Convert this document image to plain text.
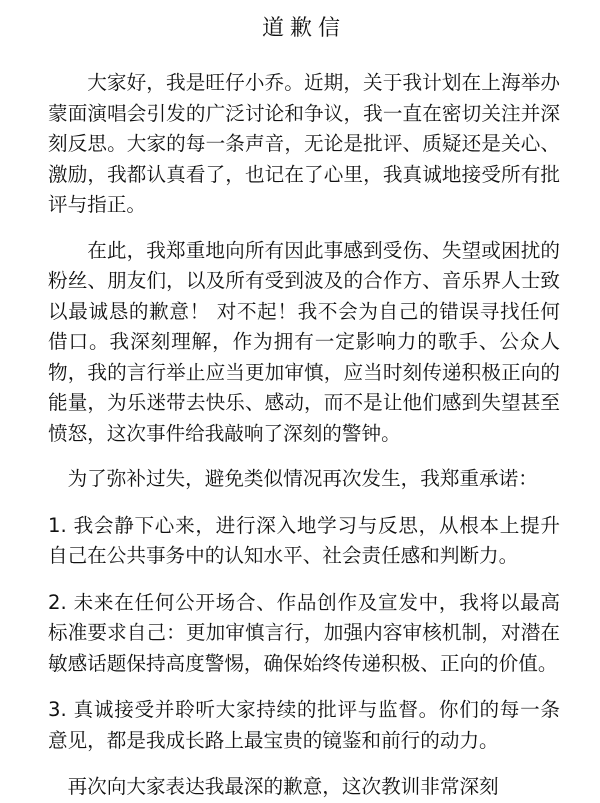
道歉信

大家好，我是旺仔小乔。近期，关于我计划在上海举办蒙面演唱会引发的广泛讨论和争议，我一直在密切关注并深刻反思。大家的每一条声音，无论是批评、质疑还是关心、激励，我都认真看了，也记在了心里，我真诚地接受所有批评与指正。

在此，我郑重地向所有因此事感到受伤、失望或困扰的粉丝、朋友们，以及所有受到波及的合作方、音乐界人士致以最诚恳的歉意！ 对不起！我不会为自己的错误寻找任何借口。我深刻理解，作为拥有一定影响力的歌手、公众人物，我的言行举止应当更加审慎，应当时刻传递积极正向的能量，为乐迷带去快乐、感动，而不是让他们感到失望甚至愤怒，这次事件给我敲响了深刻的警钟。

为了弥补过失，避免类似情况再次发生，我郑重承诺：

1. 我会静下心来，进行深入地学习与反思，从根本上提升自己在公共事务中的认知水平、社会责任感和判断力。

2. 未来在任何公开场合、作品创作及宣发中，我将以最高标准要求自己：更加审慎言行，加强内容审核机制，对潜在敏感话题保持高度警惕，确保始终传递积极、正向的价值。

3. 真诚接受并聆听大家持续的批评与监督。你们的每一条意见，都是我成长路上最宝贵的镜鉴和前行的动力。

再次向大家表达我最深的歉意，这次教训非常深刻
